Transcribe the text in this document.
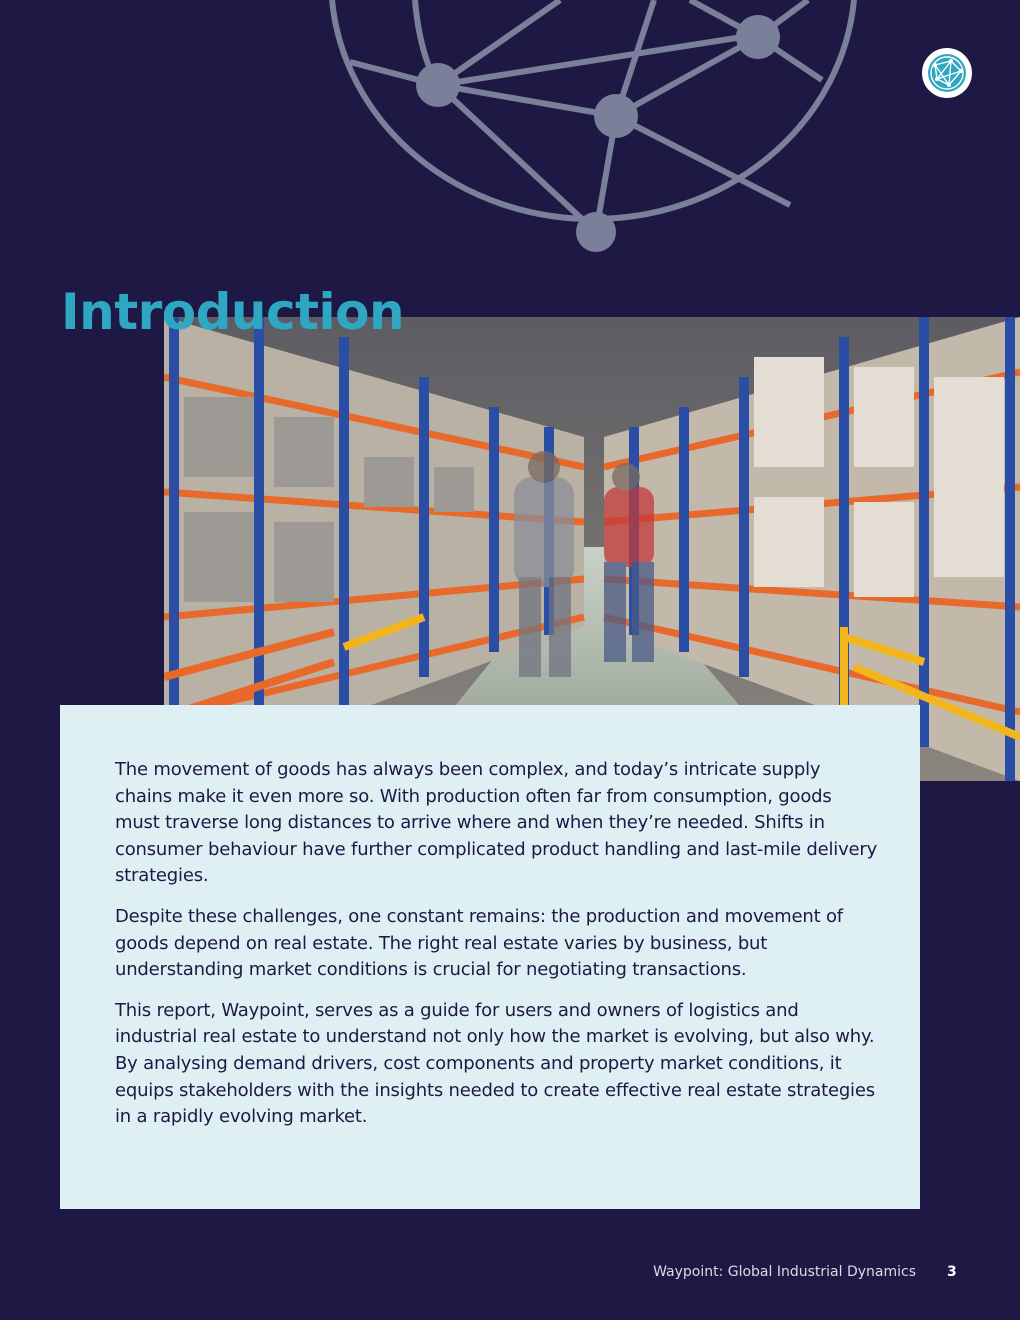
Introduction

The movement of goods has always been complex, and today’s intricate supply chains make it even more so. With production often far from consumption, goods must traverse long distances to arrive where and when they’re needed. Shifts in consumer behaviour have further complicated product handling and last-mile delivery strategies.

Despite these challenges, one constant remains: the production and movement of goods depend on real estate. The right real estate varies by business, but understanding market conditions is crucial for negotiating transactions.

This report, Waypoint, serves as a guide for users and owners of logistics and industrial real estate to understand not only how the market is evolving, but also why. By analysing demand drivers, cost components and property market conditions, it equips stakeholders with the insights needed to create effective real estate strategies in a rapidly evolving market.

Waypoint: Global Industrial Dynamics 3
